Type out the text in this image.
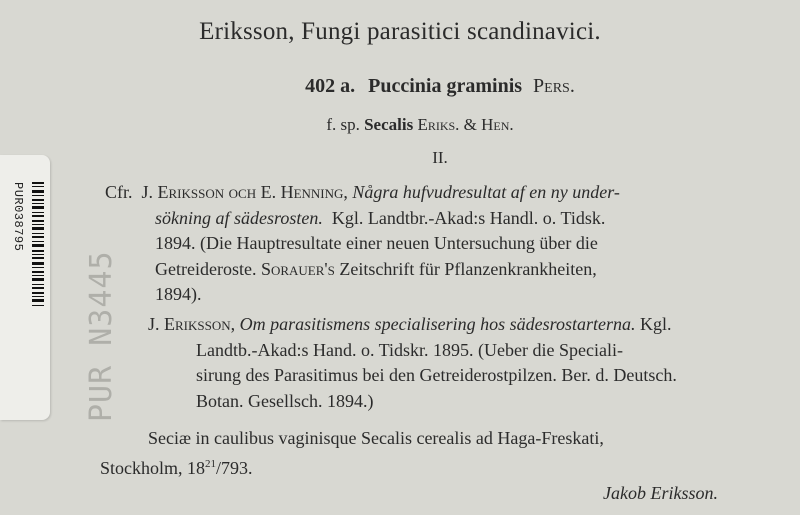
PUR038795
PUR N3445
Eriksson, Fungi parasitici scandinavici.
402 a. Puccinia graminis Pers.
f. sp. Secalis Eriks. & Hen.
II.
Cfr. J. Eriksson och E. Henning, Några hufvudresultat af en ny under-
sökning af sädesrosten. Kgl. Landtbr.-Akad:s Handl. o. Tidsk.
1894. (Die Hauptresultate einer neuen Untersuchung über die
Getreideroste. Sorauer's Zeitschrift für Pflanzenkrankheiten,
1894).
J. Eriksson, Om parasitismens specialisering hos sädesrostarterna. Kgl.
Landtb.-Akad:s Hand. o. Tidskr. 1895. (Ueber die Speciali-
sirung des Parasitimus bei den Getreiderostpilzen. Ber. d. Deutsch.
Botan. Gesellsch. 1894.)
Seciæ in caulibus vaginisque Secalis cerealis ad Haga-Freskati,
Stockholm, $18^{21}/793$.
Jakob Eriksson.
